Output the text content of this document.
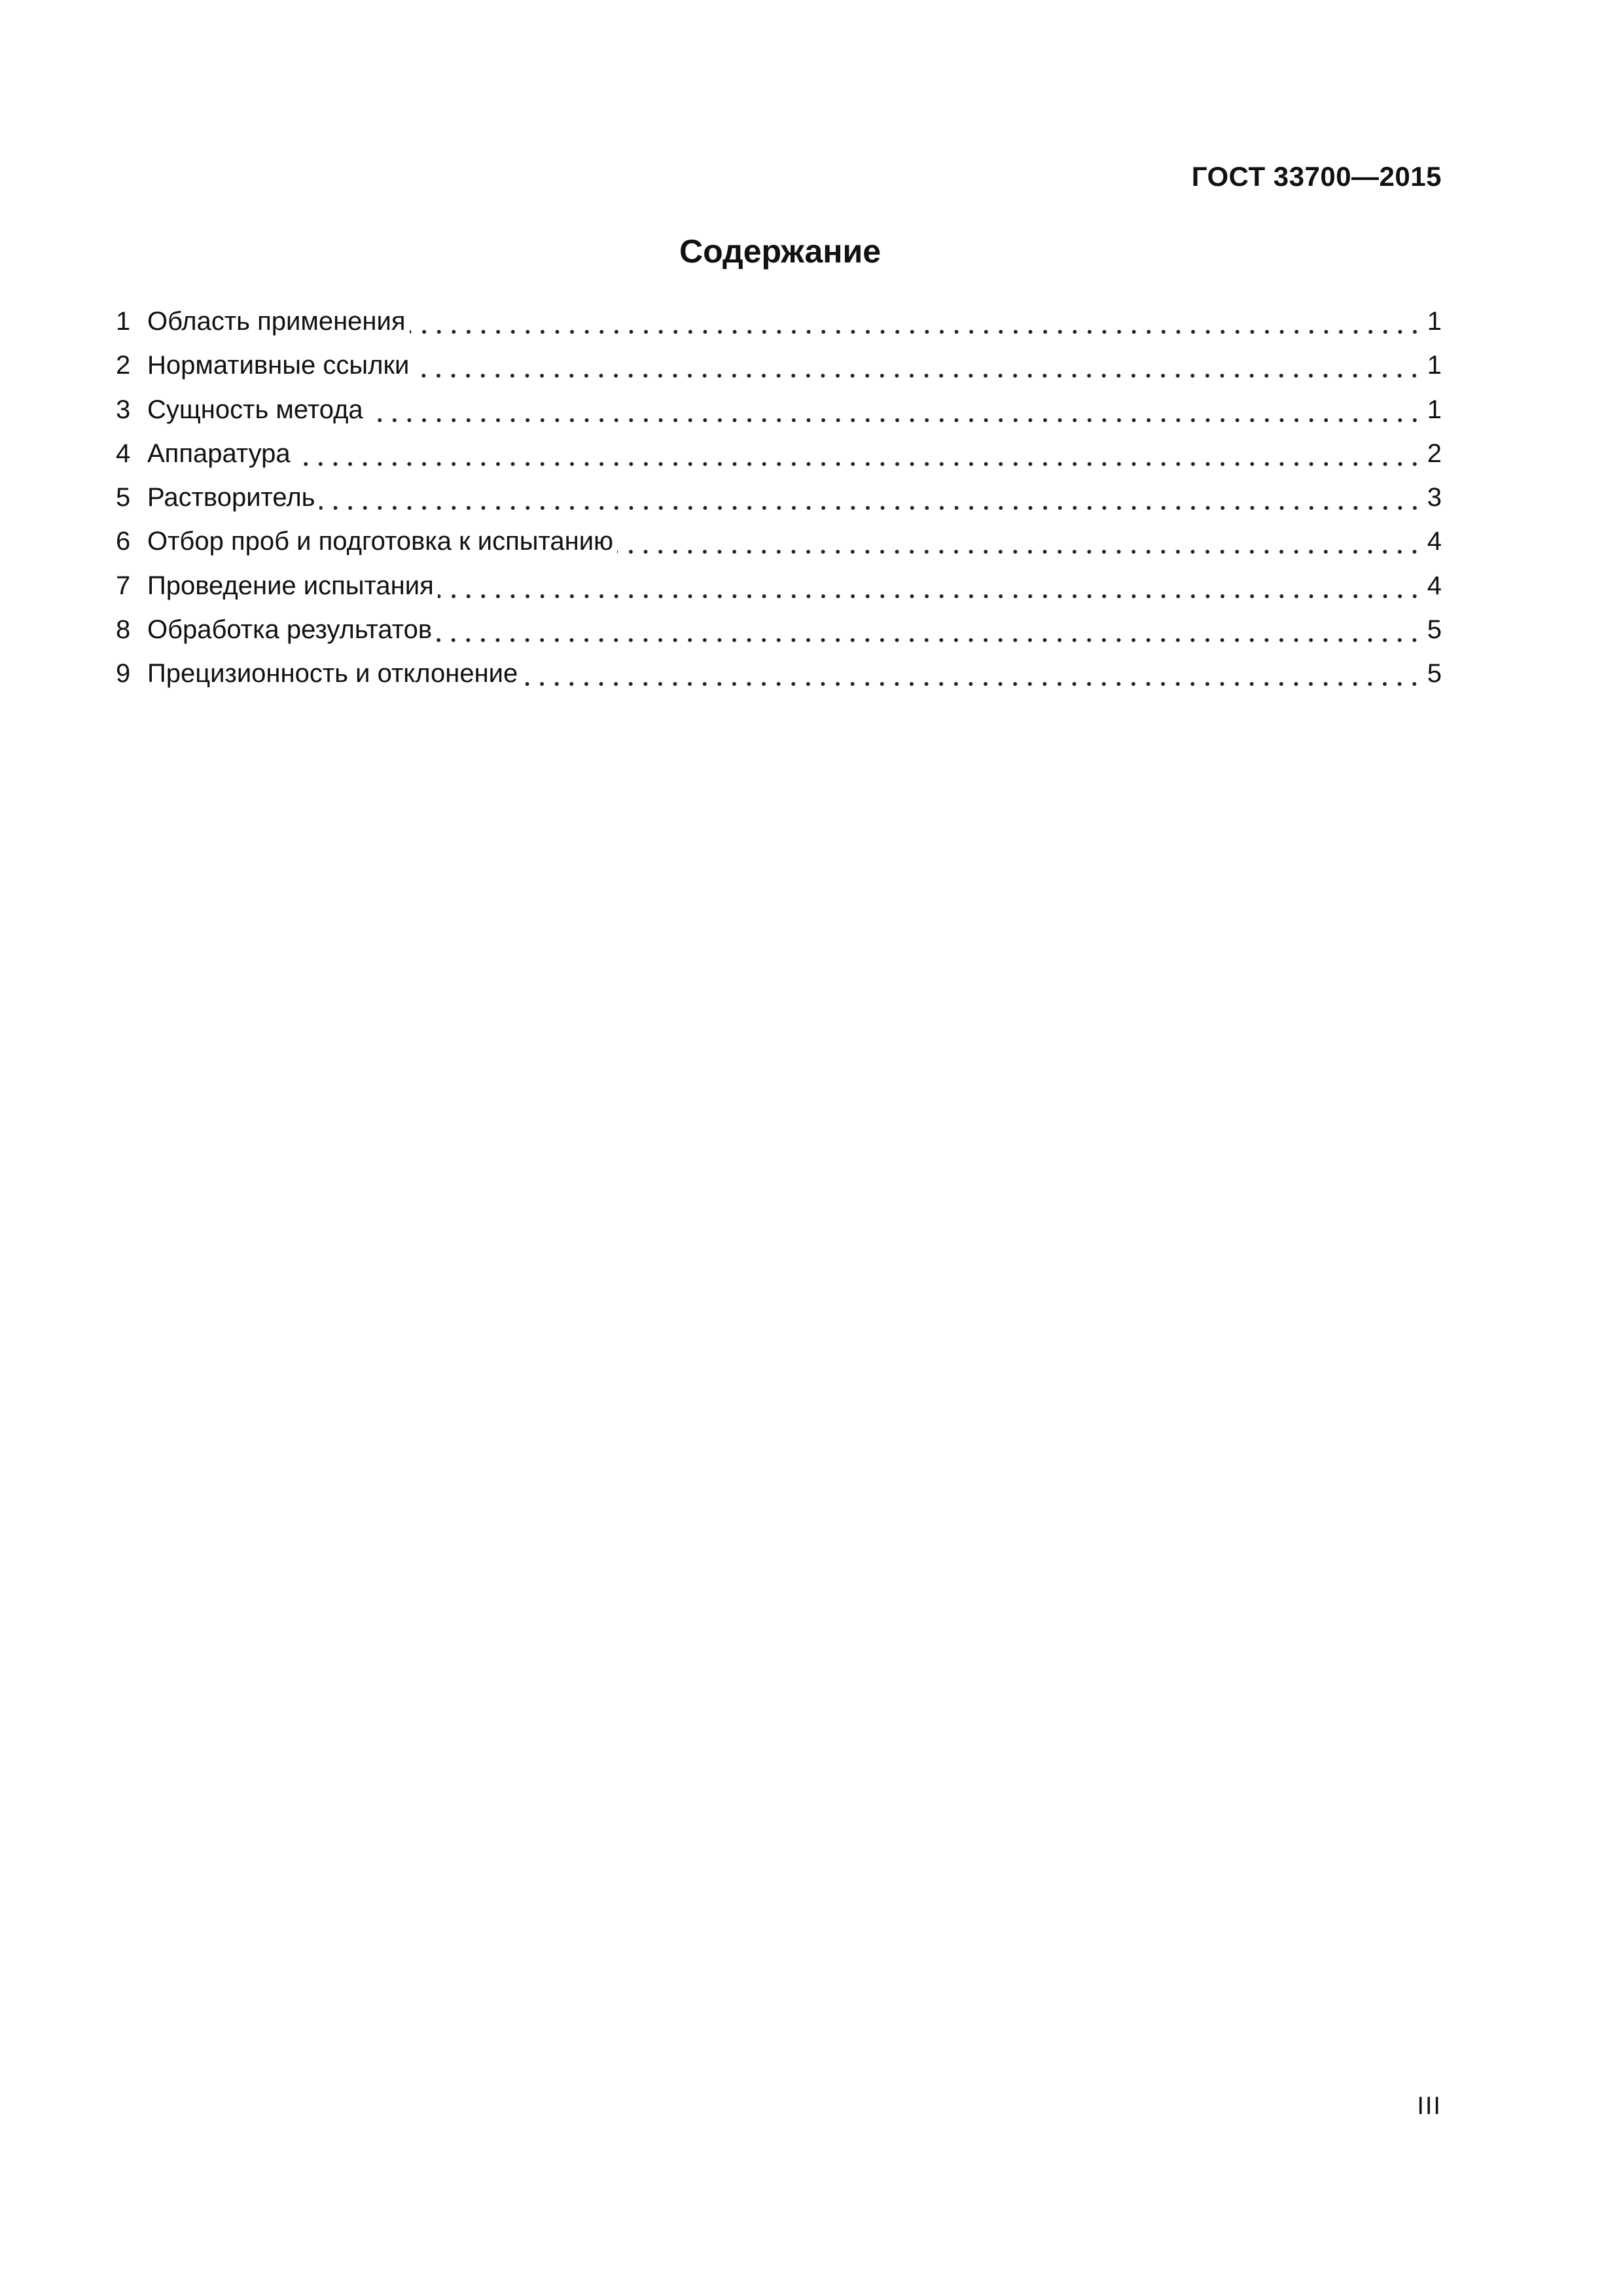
ГОСТ 33700—2015
Содержание
1 Область применения	1
2 Нормативные ссылки	1
3 Сущность метода	1
4 Аппаратура	2
5 Растворитель	3
6 Отбор проб и подготовка к испытанию	4
7 Проведение испытания	4
8 Обработка результатов	5
9 Прецизионность и отклонение	5
III
